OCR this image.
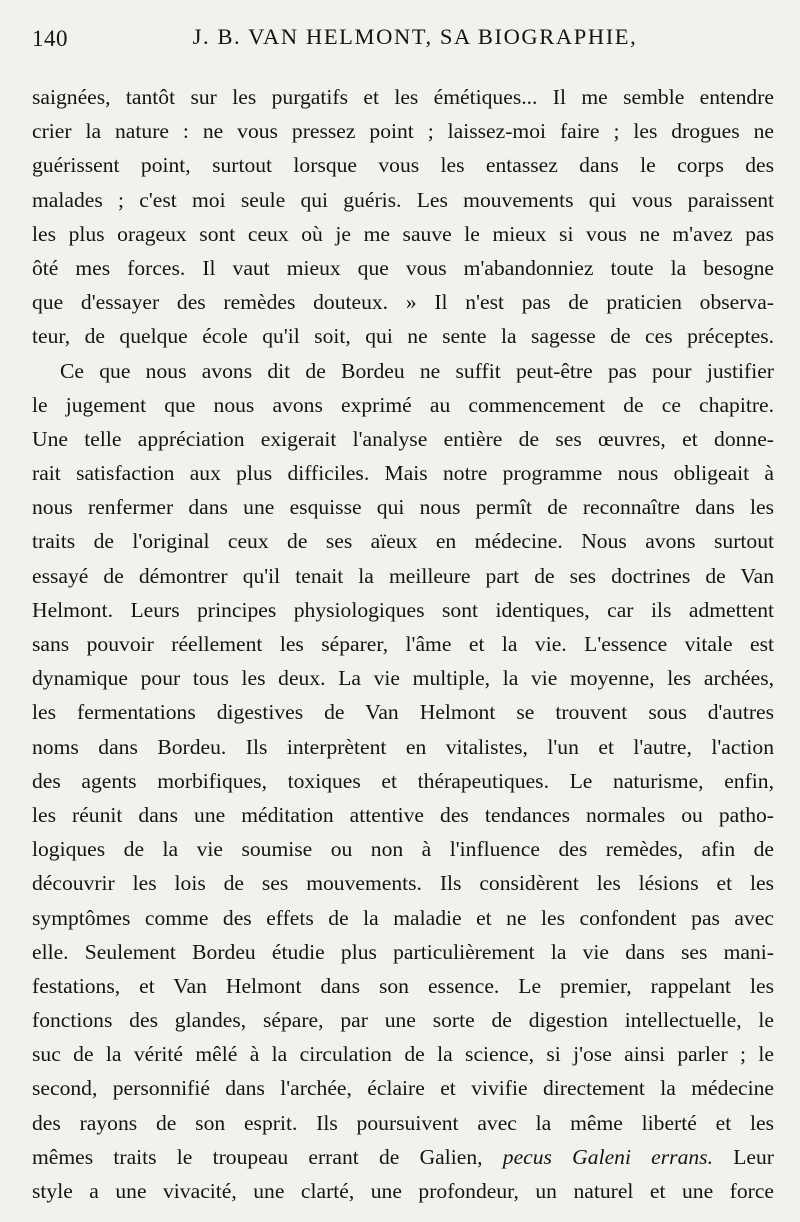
140	J. B. VAN HELMONT, SA BIOGRAPHIE,
saignées, tantôt sur les purgatifs et les émétiques... Il me semble entendre
crier la nature : ne vous pressez point ; laissez-moi faire ; les drogues ne
guérissent point, surtout lorsque vous les entassez dans le corps des
malades ; c'est moi seule qui guéris. Les mouvements qui vous paraissent
les plus orageux sont ceux où je me sauve le mieux si vous ne m'avez pas
ôté mes forces. Il vaut mieux que vous m'abandonniez toute la besogne
que d'essayer des remèdes douteux. » Il n'est pas de praticien observa-
teur, de quelque école qu'il soit, qui ne sente la sagesse de ces préceptes.
Ce que nous avons dit de Bordeu ne suffit peut-être pas pour justifier
le jugement que nous avons exprimé au commencement de ce chapitre.
Une telle appréciation exigerait l'analyse entière de ses œuvres, et donne-
rait satisfaction aux plus difficiles. Mais notre programme nous obligeait à
nous renfermer dans une esquisse qui nous permît de reconnaître dans les
traits de l'original ceux de ses aïeux en médecine. Nous avons surtout
essayé de démontrer qu'il tenait la meilleure part de ses doctrines de Van
Helmont. Leurs principes physiologiques sont identiques, car ils admettent
sans pouvoir réellement les séparer, l'âme et la vie. L'essence vitale est
dynamique pour tous les deux. La vie multiple, la vie moyenne, les archées,
les fermentations digestives de Van Helmont se trouvent sous d'autres
noms dans Bordeu. Ils interprètent en vitalistes, l'un et l'autre, l'action
des agents morbifiques, toxiques et thérapeutiques. Le naturisme, enfin,
les réunit dans une méditation attentive des tendances normales ou patho-
logiques de la vie soumise ou non à l'influence des remèdes, afin de
découvrir les lois de ses mouvements. Ils considèrent les lésions et les
symptômes comme des effets de la maladie et ne les confondent pas avec
elle. Seulement Bordeu étudie plus particulièrement la vie dans ses mani-
festations, et Van Helmont dans son essence. Le premier, rappelant les
fonctions des glandes, sépare, par une sorte de digestion intellectuelle, le
suc de la vérité mêlé à la circulation de la science, si j'ose ainsi parler ; le
second, personnifié dans l'archée, éclaire et vivifie directement la médecine
des rayons de son esprit. Ils poursuivent avec la même liberté et les
mêmes traits le troupeau errant de Galien, pecus Galeni errans. Leur
style a une vivacité, une clarté, une profondeur, un naturel et une force
